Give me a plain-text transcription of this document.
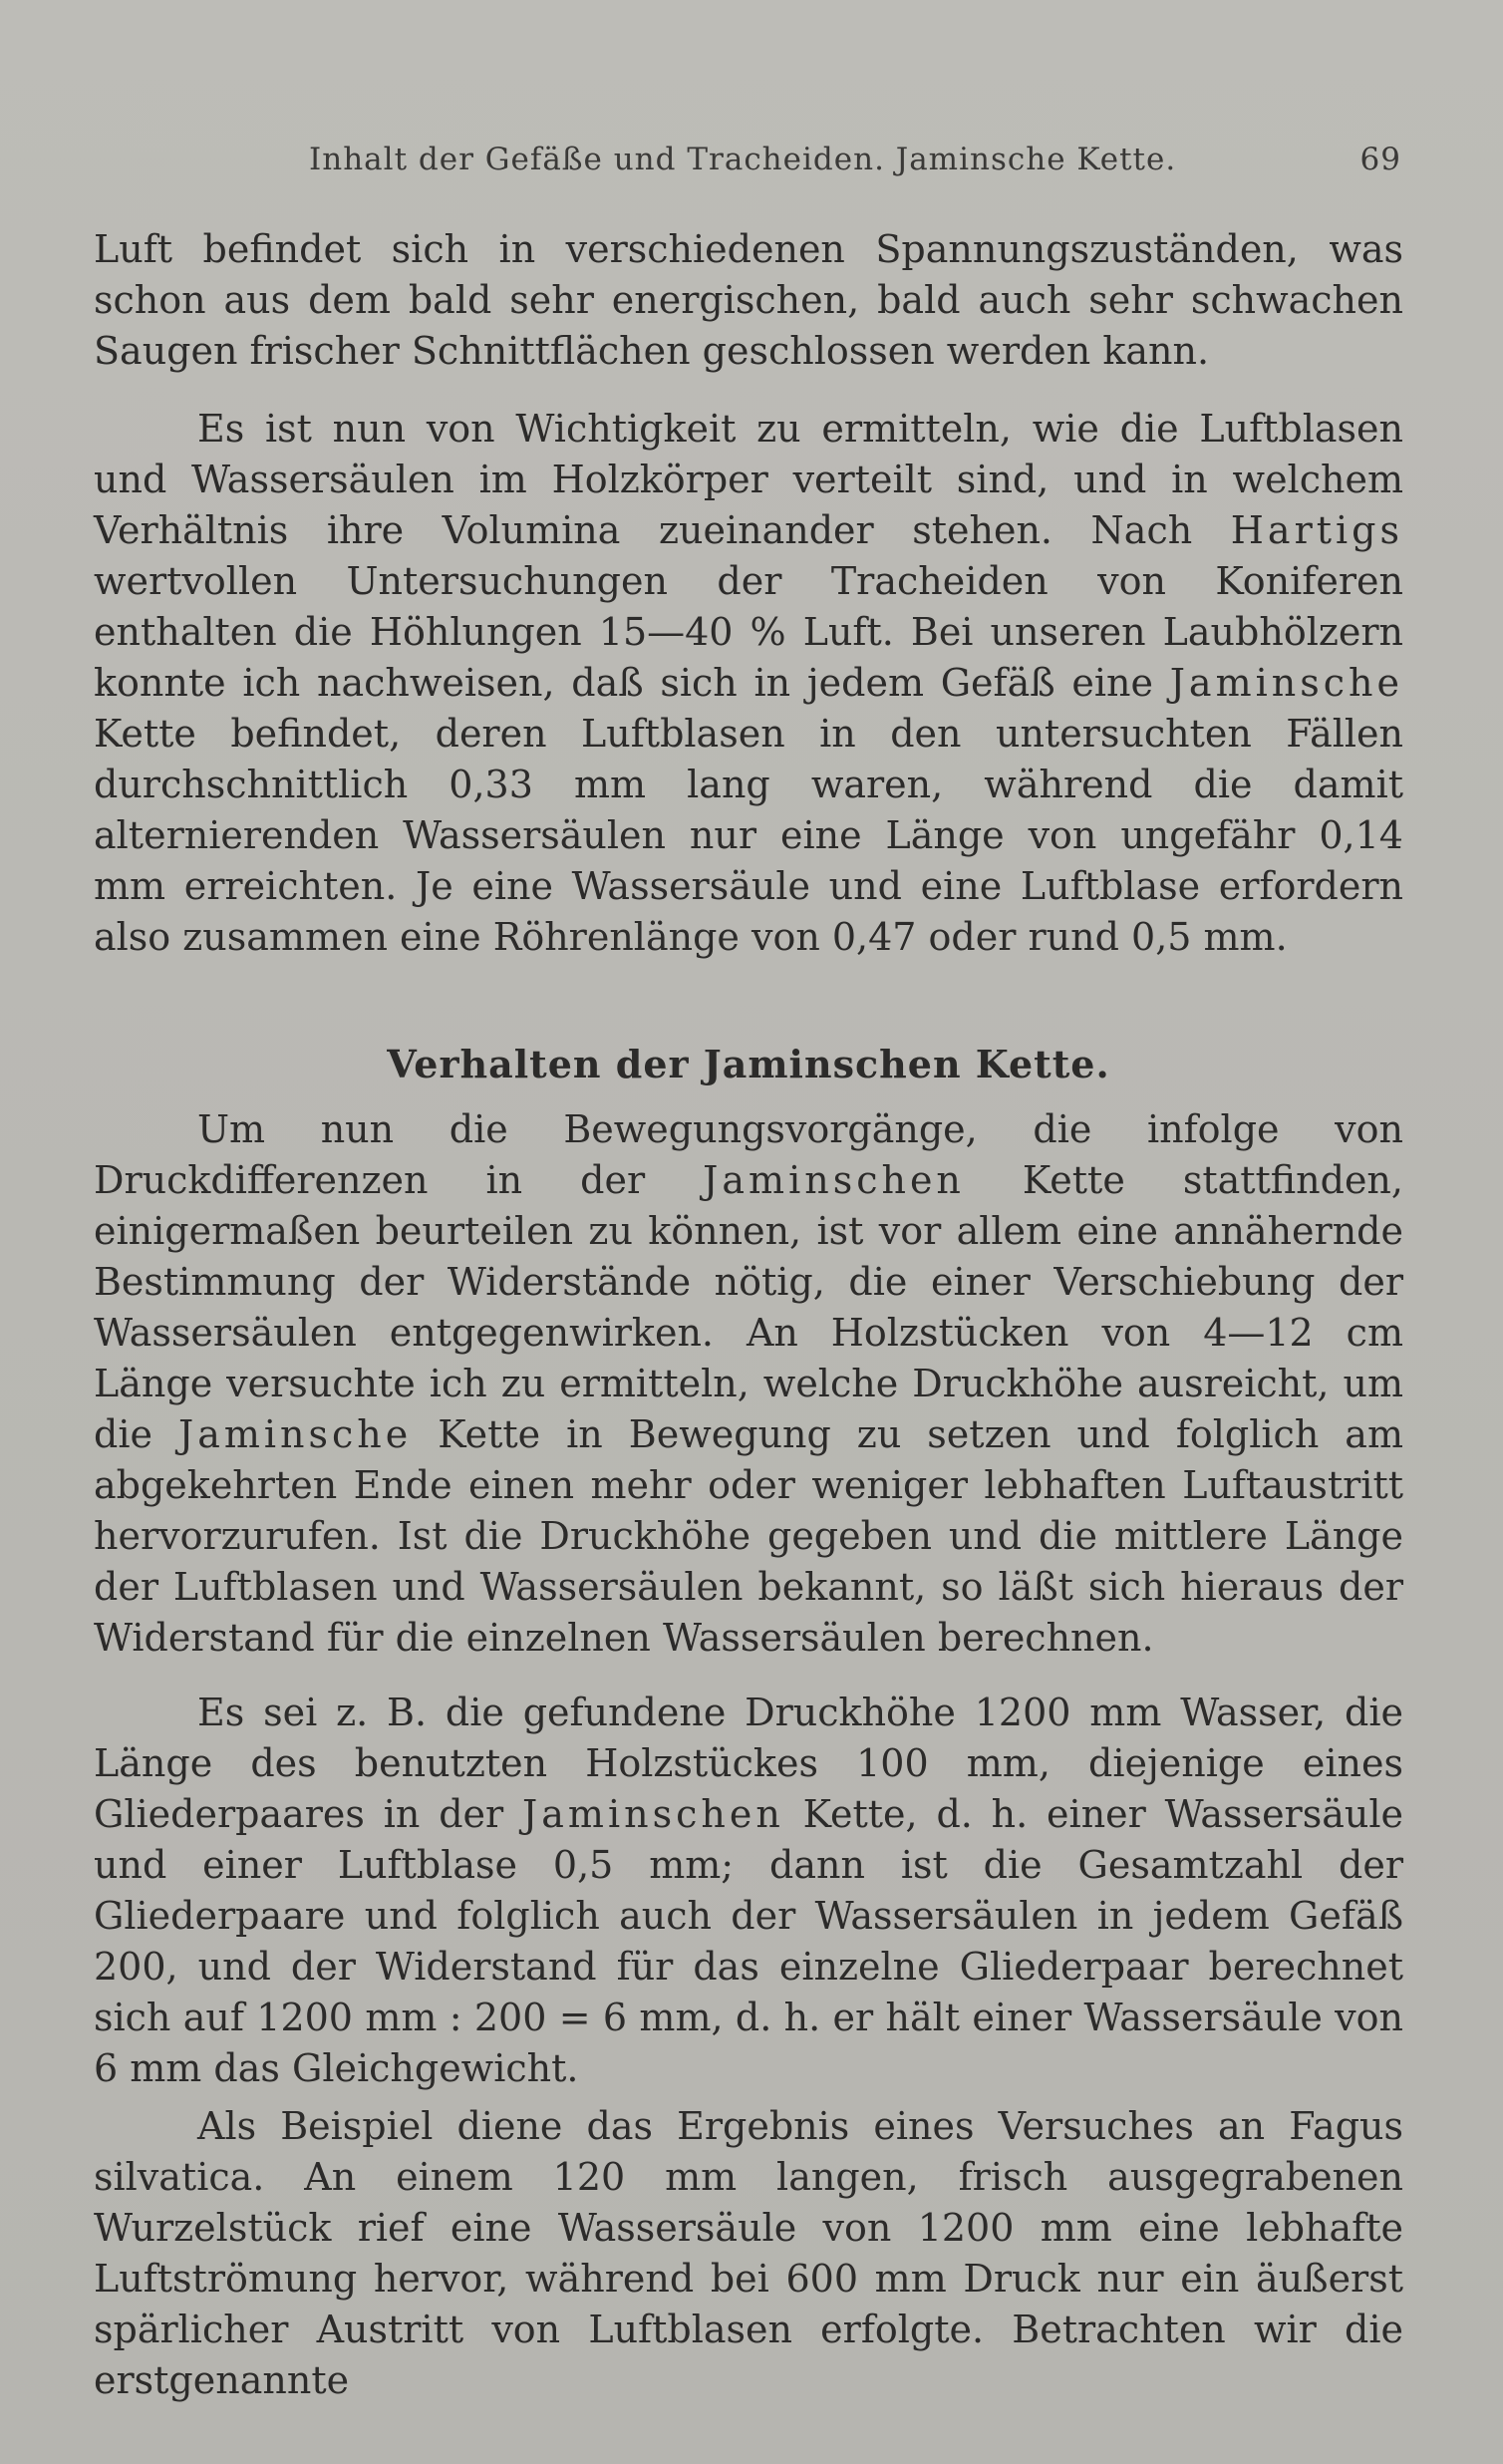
Inhalt der Gefäße und Tracheiden. Jaminsche Kette.	69

Luft befindet sich in verschiedenen Spannungszuständen, was schon aus dem bald sehr energischen, bald auch sehr schwachen Saugen frischer Schnittflächen geschlossen werden kann.

Es ist nun von Wichtigkeit zu ermitteln, wie die Luftblasen und Wassersäulen im Holzkörper verteilt sind, und in welchem Verhältnis ihre Volumina zueinander stehen. Nach Hartigs wertvollen Untersuchungen der Tracheiden von Koniferen enthalten die Höhlungen 15—40 % Luft. Bei unseren Laubhölzern konnte ich nachweisen, daß sich in jedem Gefäß eine Jaminsche Kette befindet, deren Luftblasen in den untersuchten Fällen durchschnittlich 0,33 mm lang waren, während die damit alternierenden Wassersäulen nur eine Länge von ungefähr 0,14 mm erreichten. Je eine Wassersäule und eine Luftblase erfordern also zusammen eine Röhrenlänge von 0,47 oder rund 0,5 mm.

Verhalten der Jaminschen Kette.

Um nun die Bewegungsvorgänge, die infolge von Druckdifferenzen in der Jaminschen Kette stattfinden, einigermaßen beurteilen zu können, ist vor allem eine annähernde Bestimmung der Widerstände nötig, die einer Verschiebung der Wassersäulen entgegenwirken. An Holzstücken von 4—12 cm Länge versuchte ich zu ermitteln, welche Druckhöhe ausreicht, um die Jaminsche Kette in Bewegung zu setzen und folglich am abgekehrten Ende einen mehr oder weniger lebhaften Luftaustritt hervorzurufen. Ist die Druckhöhe gegeben und die mittlere Länge der Luftblasen und Wassersäulen bekannt, so läßt sich hieraus der Widerstand für die einzelnen Wassersäulen berechnen.

Es sei z. B. die gefundene Druckhöhe 1200 mm Wasser, die Länge des benutzten Holzstückes 100 mm, diejenige eines Gliederpaares in der Jaminschen Kette, d. h. einer Wassersäule und einer Luftblase 0,5 mm; dann ist die Gesamtzahl der Gliederpaare und folglich auch der Wassersäulen in jedem Gefäß 200, und der Widerstand für das einzelne Gliederpaar berechnet sich auf 1200 mm : 200 = 6 mm, d. h. er hält einer Wassersäule von 6 mm das Gleichgewicht.

Als Beispiel diene das Ergebnis eines Versuches an Fagus silvatica. An einem 120 mm langen, frisch ausgegrabenen Wurzelstück rief eine Wassersäule von 1200 mm eine lebhafte Luftströmung hervor, während bei 600 mm Druck nur ein äußerst spärlicher Austritt von Luftblasen erfolgte. Betrachten wir die erstgenannte
